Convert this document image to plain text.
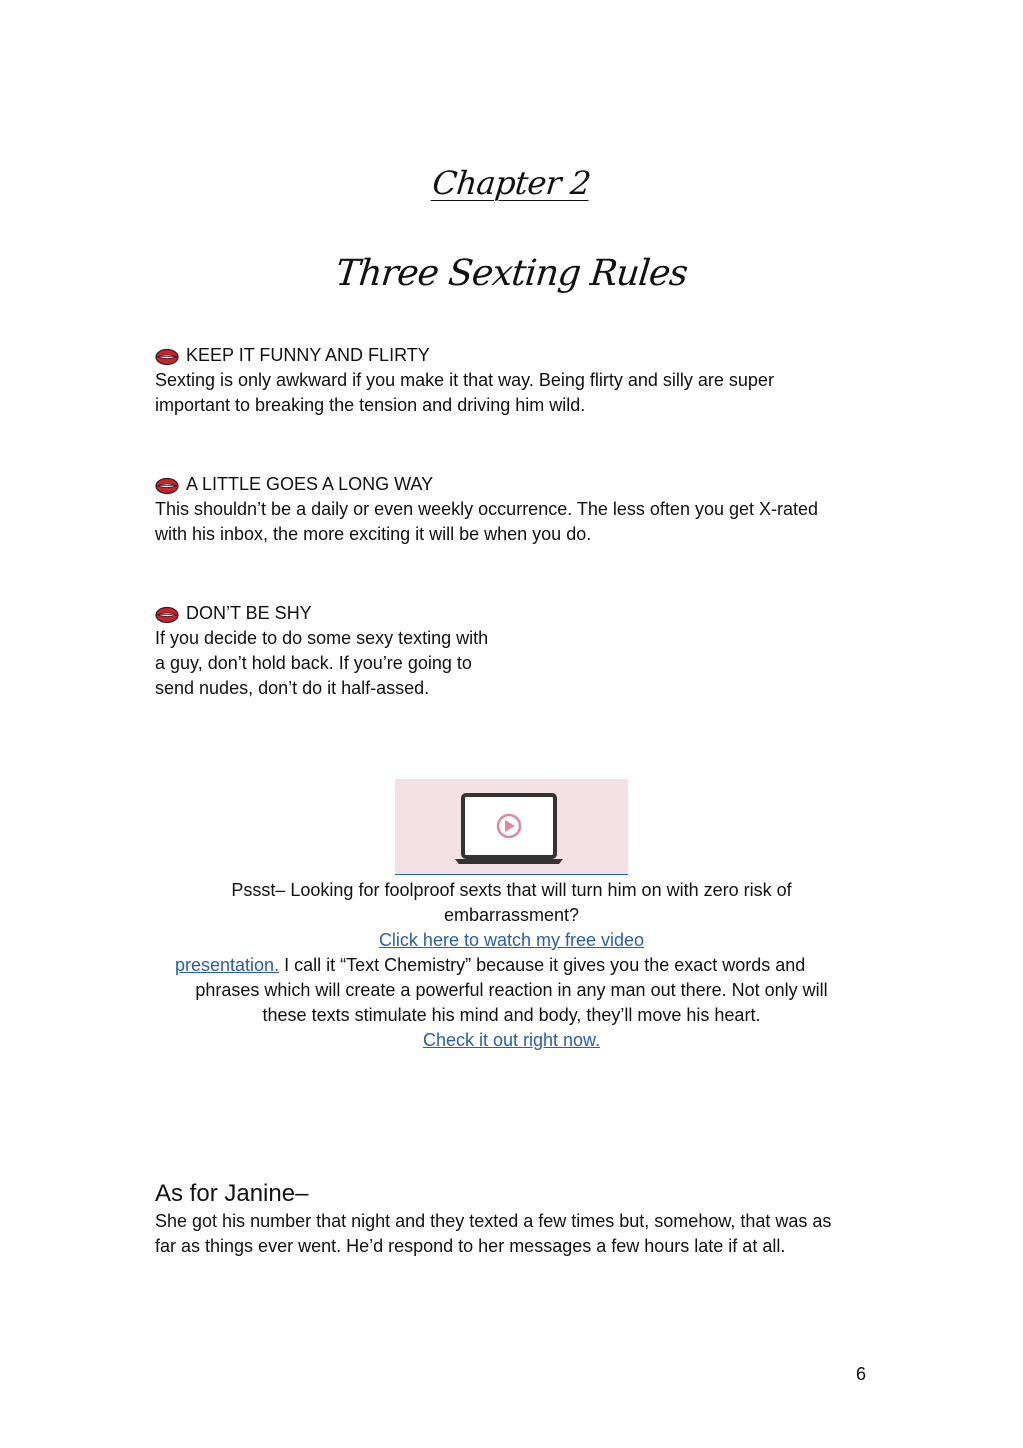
Chapter 2
Three Sexting Rules
KEEP IT FUNNY AND FLIRTY
Sexting is only awkward if you make it that way. Being flirty and silly are super
important to breaking the tension and driving him wild.
A LITTLE GOES A LONG WAY
This shouldn’t be a daily or even weekly occurrence. The less often you get X-rated
with his inbox, the more exciting it will be when you do.
DON’T BE SHY
If you decide to do some sexy texting with
a guy, don’t hold back. If you’re going to
send nudes, don’t do it half-assed.
Pssst– Looking for foolproof sexts that will turn him on with zero risk of
embarrassment?
Click here to watch my free video
presentation. I call it “Text Chemistry” because it gives you the exact words and
phrases which will create a powerful reaction in any man out there. Not only will
these texts stimulate his mind and body, they’ll move his heart.
Check it out right now.
As for Janine–
She got his number that night and they texted a few times but, somehow, that was as
far as things ever went. He’d respond to her messages a few hours late if at all.
6
